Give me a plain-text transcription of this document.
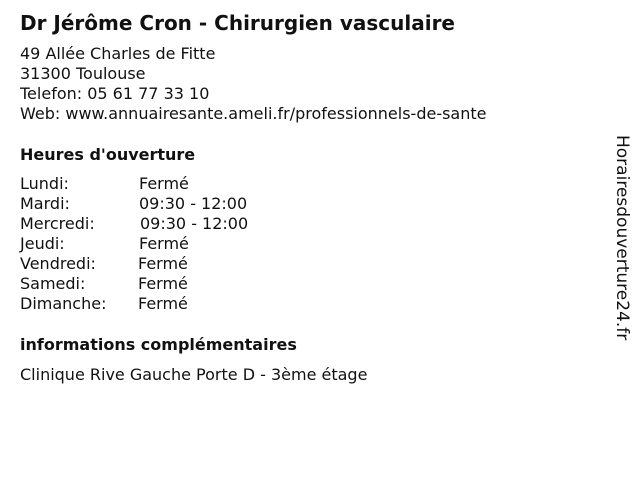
Dr Jérôme Cron - Chirurgien vasculaire
49 Allée Charles de Fitte
31300 Toulouse
Telefon: 05 61 77 33 10
Web: www.annuairesante.ameli.fr/professionnels-de-sante
Heures d'ouverture
Lundi:	Fermé
Mardi:	09:30 - 12:00
Mercredi:	09:30 - 12:00
Jeudi:	Fermé
Vendredi:	Fermé
Samedi:	Fermé
Dimanche: Fermé
informations complémentaires
Clinique Rive Gauche Porte D - 3ème étage
Horairesdouverture24.fr
